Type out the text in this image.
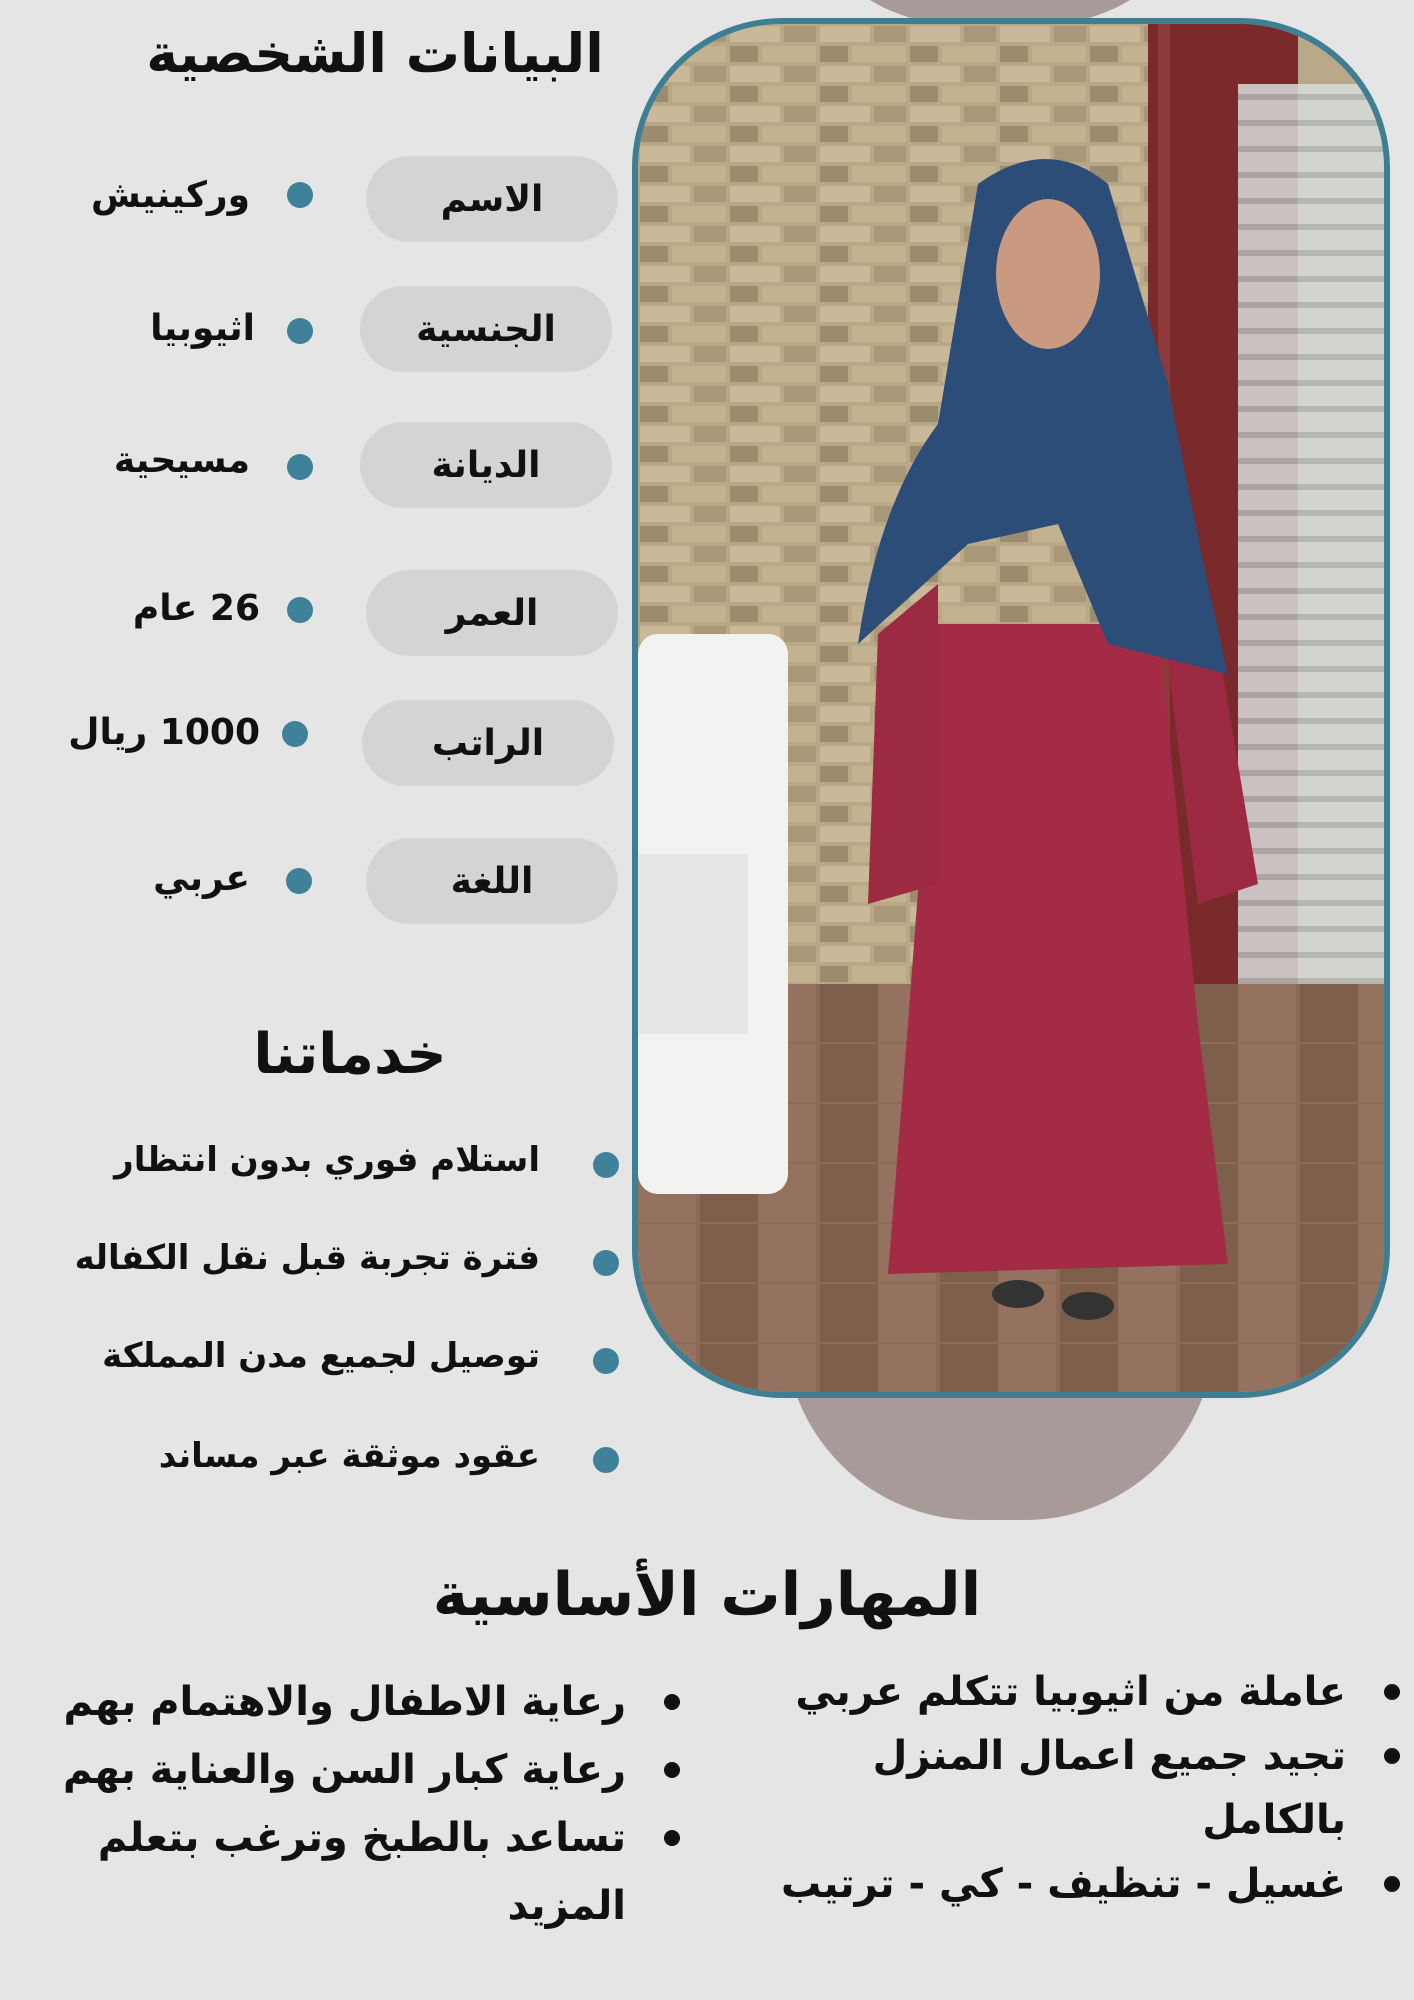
البيانات الشخصية
الاسم
وركينيش
الجنسية
اثيوبيا
الديانة
مسيحية
العمر
26 عام
الراتب
1000 ريال
اللغة
عربي
خدماتنا
استلام فوري بدون انتظار
فترة تجربة قبل نقل الكفاله
توصيل لجميع مدن المملكة
عقود موثقة عبر مساند
المهارات الأساسية
عاملة من اثيوبيا تتكلم عربي
تجيد جميع اعمال المنزل بالكامل
غسيل - تنظيف - كي - ترتيب
رعاية الاطفال والاهتمام بهم
رعاية كبار السن والعناية بهم
تساعد بالطبخ وترغب بتعلم المزيد
